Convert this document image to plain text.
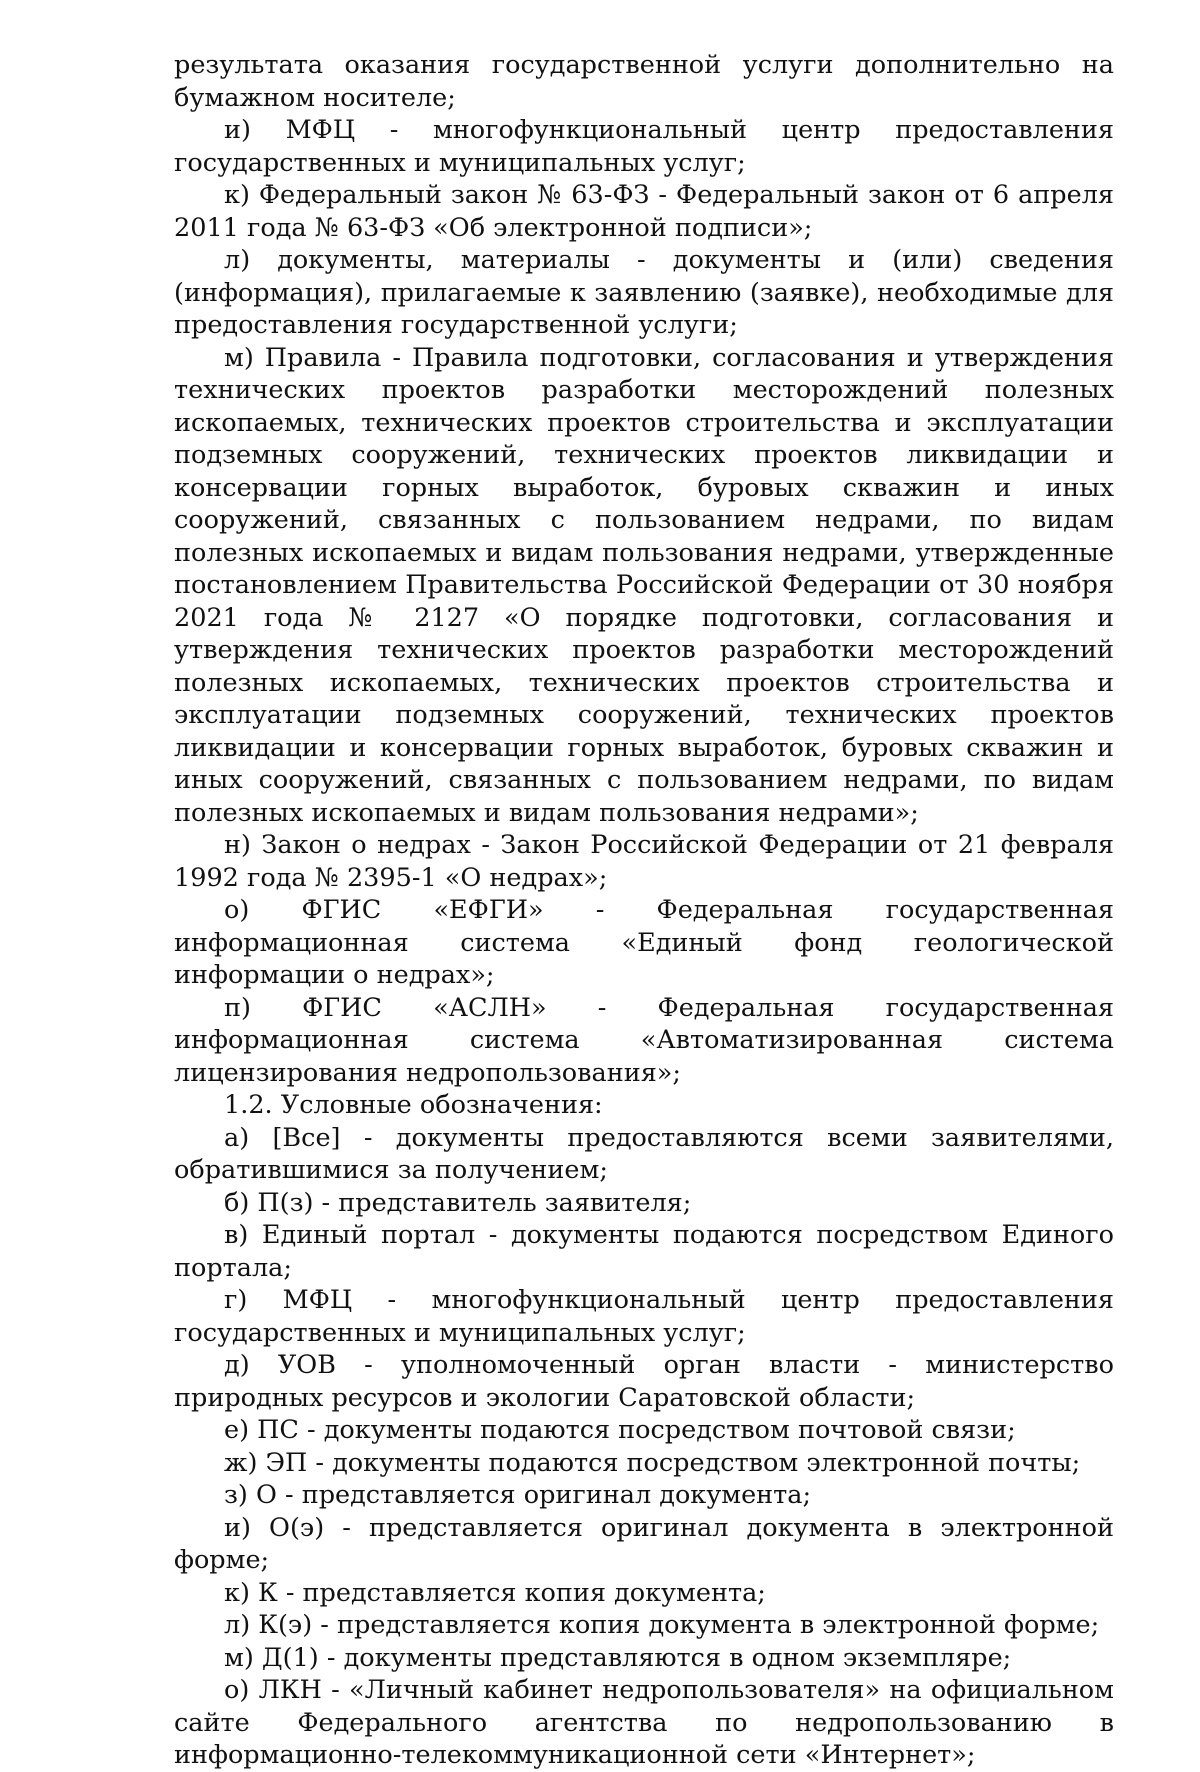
результата оказания государственной услуги дополнительно на бумажном носителе;

и) МФЦ - многофункциональный центр предоставления государственных и муниципальных услуг;

к) Федеральный закон № 63-ФЗ - Федеральный закон от 6 апреля 2011 года № 63-ФЗ «Об электронной подписи»;

л) документы, материалы - документы и (или) сведения (информация), прилагаемые к заявлению (заявке), необходимые для предоставления государственной услуги;

м) Правила - Правила подготовки, согласования и утверждения технических проектов разработки месторождений полезных ископаемых, технических проектов строительства и эксплуатации подземных сооружений, технических проектов ликвидации и консервации горных выработок, буровых скважин и иных сооружений, связанных с пользованием недрами, по видам полезных ископаемых и видам пользования недрами, утвержденные постановлением Правительства Российской Федерации от 30 ноября 2021 года № 2127 «О порядке подготовки, согласования и утверждения технических проектов разработки месторождений полезных ископаемых, технических проектов строительства и эксплуатации подземных сооружений, технических проектов ликвидации и консервации горных выработок, буровых скважин и иных сооружений, связанных с пользованием недрами, по видам полезных ископаемых и видам пользования недрами»;

н) Закон о недрах - Закон Российской Федерации от 21 февраля 1992 года № 2395-1 «О недрах»;

о) ФГИС «ЕФГИ» - Федеральная государственная информационная система «Единый фонд геологической информации о недрах»;

п) ФГИС «АСЛН» - Федеральная государственная информационная система «Автоматизированная система лицензирования недропользования»;

1.2. Условные обозначения:

а) [Все] - документы предоставляются всеми заявителями, обратившимися за получением;

б) П(з) - представитель заявителя;

в) Единый портал - документы подаются посредством Единого портала;

г) МФЦ - многофункциональный центр предоставления государственных и муниципальных услуг;

д) УОВ - уполномоченный орган власти - министерство природных ресурсов и экологии Саратовской области;

е) ПС - документы подаются посредством почтовой связи;

ж) ЭП - документы подаются посредством электронной почты;

з) О - представляется оригинал документа;

и) О(э) - представляется оригинал документа в электронной форме;

к) К - представляется копия документа;

л) К(э) - представляется копия документа в электронной форме;

м) Д(1) - документы представляются в одном экземпляре;

о) ЛКН - «Личный кабинет недропользователя» на официальном сайте Федерального агентства по недропользованию в информационно-телекоммуникационной сети «Интернет»;
